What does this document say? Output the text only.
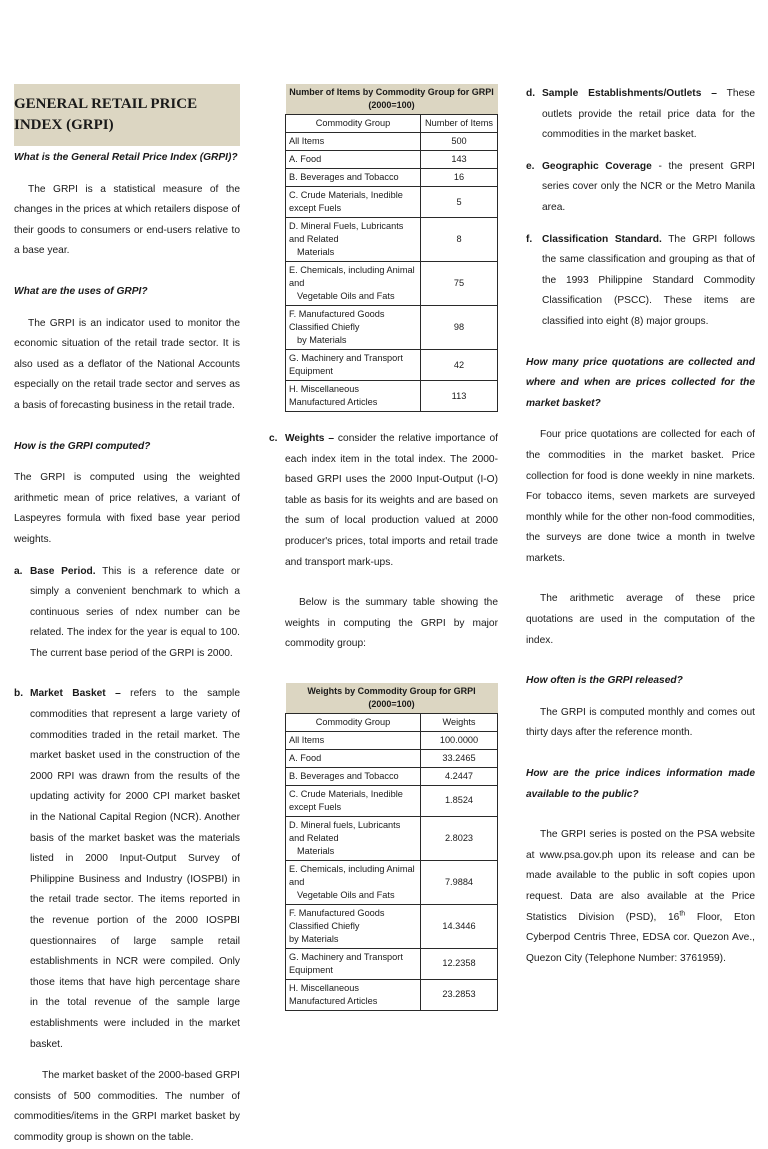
GENERAL RETAIL PRICE INDEX (GRPI)

What is the General Retail Price Index (GRPI)?

The GRPI is a statistical measure of the changes in the prices at which retailers dispose of their goods to consumers or end-users relative to a base year.

What are the uses of GRPI?

The GRPI is an indicator used to monitor the economic situation of the retail trade sector. It is also used as a deflator of the National Accounts especially on the retail trade sector and serves as a basis of forecasting business in the retail trade.

How is the GRPI computed?

The GRPI is computed using the weighted arithmetic mean of price relatives, a variant of Laspeyres formula with fixed base year period weights.

a. Base Period. This is a reference date or simply a convenient benchmark to which a continuous series of ndex number can be related. The index for the year is equal to 100. The current base period of the GRPI is 2000.
b. Market Basket – refers to the sample commodities that represent a large variety of commodities traded in the retail market. The market basket used in the construction of the 2000 RPI was drawn from the results of the updating activity for 2000 CPI market basket in the National Capital Region (NCR). Another basis of the market basket was the materials listed in 2000 Input-Output Survey of Philippine Business and Industry (IOSPBI) in the retail trade sector. The items reported in the revenue portion of the 2000 IOSPBI questionnaires of large sample retail establishments in NCR were compiled. Only those items that have high percentage share in the total revenue of the sample large establishments were included in the market basket.

The market basket of the 2000-based GRPI consists of 500 commodities. The number of commodities/items in the GRPI market basket by commodity group is shown on the table.

Number of Items by Commodity Group for GRPI (2000=100)	
Commodity Group	Number of Items
All Items	500
A. Food	143
B. Beverages and Tobacco	16
C. Crude Materials, Inedible except Fuels	5

D. Mineral Fuels, Lubricants and Related
Materials	8

E. Chemicals, including Animal and
Vegetable Oils and Fats	75

F. Manufactured Goods Classified Chiefly
by Materials	98
G. Machinery and Transport Equipment	42
H. Miscellaneous Manufactured Articles	113
c. Weights – consider the relative importance of each index item in the total index. The 2000-based GRPI uses the 2000 Input-Output (I-O) table as basis for its weights and are based on the sum of local production valued at 2000 producer's prices, total imports and retail trade and transport mark-ups.

Below is the summary table showing the weights in computing the GRPI by major commodity group:

Weights by Commodity Group for GRPI (2000=100)	
Commodity Group	Weights
All Items	100.0000
A. Food	33.2465
B. Beverages and Tobacco	4.2447
C. Crude Materials, Inedible except Fuels	1.8524

D. Mineral fuels, Lubricants and Related
Materials	2.8023

E. Chemicals, including Animal and
Vegetable Oils and Fats	7.9884

F. Manufactured Goods Classified Chiefly
by Materials	14.3446
G. Machinery and Transport Equipment	12.2358
H. Miscellaneous Manufactured Articles	23.2853
d. Sample Establishments/Outlets – These outlets provide the retail price data for the commodities in the market basket.
e. Geographic Coverage - the present GRPI series cover only the NCR or the Metro Manila area.
f. Classification Standard. The GRPI follows the same classification and grouping as that of the 1993 Philippine Standard Commodity Classification (PSCC). These items are classified into eight (8) major groups.

How many price quotations are collected and where and when are prices collected for the market basket?

Four price quotations are collected for each of the commodities in the market basket. Price collection for food is done weekly in nine markets. For tobacco items, seven markets are surveyed monthly while for the other non-food commodities, the surveys are done twice a month in twelve markets.

The arithmetic average of these price quotations are used in the computation of the index.

How often is the GRPI released?

The GRPI is computed monthly and comes out thirty days after the reference month.

How are the price indices information made available to the public?

The GRPI series is posted on the PSA website at www.psa.gov.ph upon its release and can be made available to the public in soft copies upon request. Data are also available at the Price Statistics Division (PSD), 16th Floor, Eton Cyberpod Centris Three, EDSA cor. Quezon Ave., Quezon City (Telephone Number: 3761959).
